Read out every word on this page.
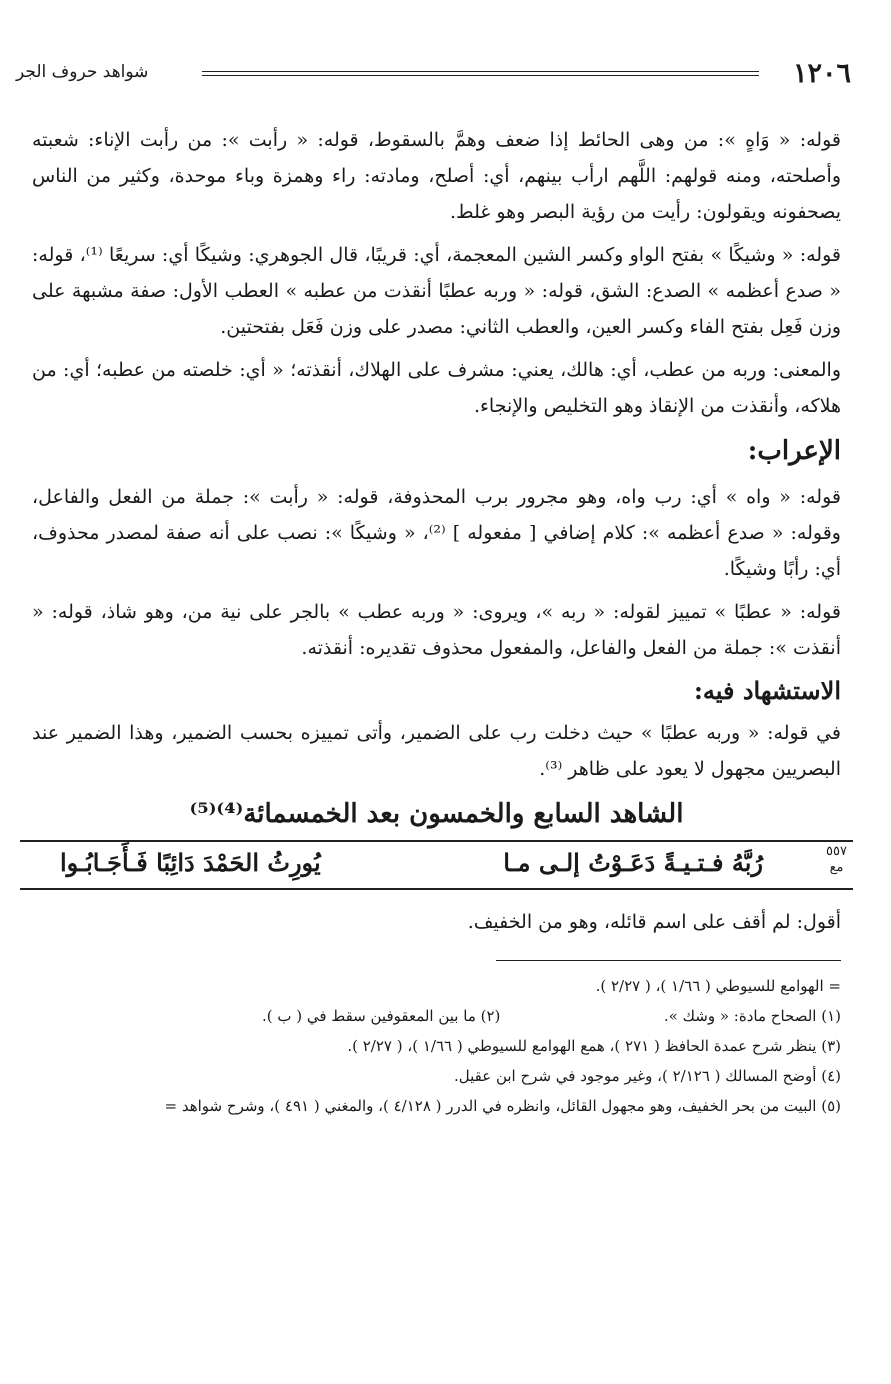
١٢٠٦
شواهد حروف الجر

قوله: « وَاهٍ »: من وهى الحائط إذا ضعف وهمَّ بالسقوط، قوله: « رأبت »: من رأبت الإناء: شعبته وأصلحته، ومنه قولهم: اللَّهم ارأب بينهم، أي: أصلح، ومادته: راء وهمزة وباء موحدة، وكثير من الناس يصحفونه ويقولون: رأيت من رؤية البصر وهو غلط.

قوله: « وشيكًا » بفتح الواو وكسر الشين المعجمة، أي: قريبًا، قال الجوهري: وشيكًا أي: سريعًا ⁽¹⁾، قوله: « صدع أعظمه » الصدع: الشق، قوله: « وربه عطبًا أنقذت من عطبه » العطب الأول: صفة مشبهة على وزن فَعِل بفتح الفاء وكسر العين، والعطب الثاني: مصدر على وزن فَعَل بفتحتين.

والمعنى: وربه من عطب، أي: هالك، يعني: مشرف على الهلاك، أنقذته؛ « أي: خلصته من عطبه؛ أي: من هلاكه، وأنقذت من الإنقاذ وهو التخليص والإنجاء.

الإعراب:

قوله: « واه » أي: رب واه، وهو مجرور برب المحذوفة، قوله: « رأبت »: جملة من الفعل والفاعل، وقوله: « صدع أعظمه »: كلام إضافي [ مفعوله ] ⁽²⁾، « وشيكًا »: نصب على أنه صفة لمصدر محذوف، أي: رأبًا وشيكًا.

قوله: « عطبًا » تمييز لقوله: « ربه »، ويروى: « وربه عطب » بالجر على نية من، وهو شاذ، قوله: « أنقذت »: جملة من الفعل والفاعل، والمفعول محذوف تقديره: أنقذته.

الاستشهاد فيه:

في قوله: « وربه عطبًا » حيث دخلت رب على الضمير، وأتى تمييزه بحسب الضمير، وهذا الضمير عند البصريين مجهول لا يعود على ظاهر ⁽³⁾.

الشاهد السابع والخمسون بعد الخمسمائة⁽⁴⁾⁽⁵⁾
٥٥٧
مع
رُبَّهُ فـتـيـةً دَعَـوْتُ إلـى مـا
يُورِثُ الحَمْدَ دَائِبًا فَـأَجَـابُـوا

أقول: لم أقف على اسم قائله، وهو من الخفيف.

= الهوامع للسيوطي ( ١/٦٦ )، ( ٢/٢٧ ).

(١) الصحاح مادة: « وشك ».
(٢) ما بين المعقوفين سقط في ( ب ).

(٣) ينظر شرح عمدة الحافظ ( ٢٧١ )، همع الهوامع للسيوطي ( ١/٦٦ )، ( ٢/٢٧ ).

(٤) أوضح المسالك ( ٢/١٢٦ )، وغير موجود في شرح ابن عقيل.

(٥) البيت من بحر الخفيف، وهو مجهول القائل، وانظره في الدرر ( ٤/١٢٨ )، والمغني ( ٤٩١ )، وشرح شواهد =
